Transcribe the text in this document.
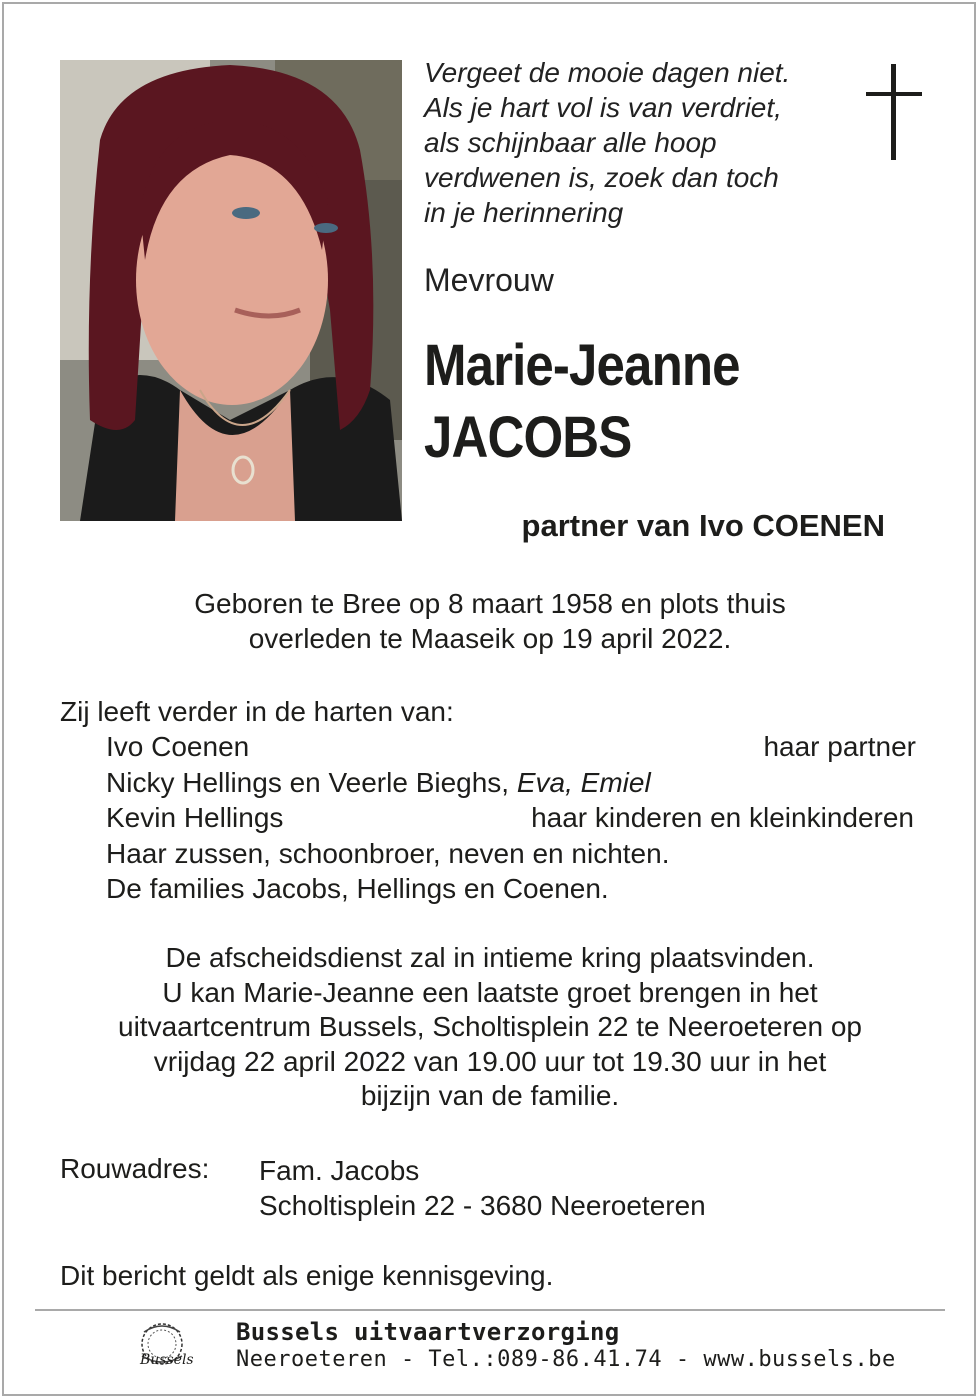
Vergeet de mooie dagen niet.
Als je hart vol is van verdriet,
als schijnbaar alle hoop
verdwenen is, zoek dan toch
in je herinnering
Mevrouw
Marie-Jeanne
JACOBS
partner van Ivo COENEN
Geboren te Bree op 8 maart 1958 en plots thuis
overleden te Maaseik op 19 april 2022.
Zij leeft verder in de harten van:
Ivo Coenen	haar partner
Nicky Hellings en Veerle Bieghs, Eva, Emiel
Kevin Hellings	haar kinderen en kleinkinderen
Haar zussen, schoonbroer, neven en nichten.
De families Jacobs, Hellings en Coenen.
De afscheidsdienst zal in intieme kring plaatsvinden.
U kan Marie-Jeanne een laatste groet brengen in het
uitvaartcentrum Bussels, Scholtisplein 22 te Neeroeteren op
vrijdag 22 april 2022 van 19.00 uur tot 19.30 uur in het
bijzijn van de familie.
Rouwadres: Fam. Jacobs
Scholtisplein 22 - 3680 Neeroeteren
Dit bericht geldt als enige kennisgeving.
Bussels
Bussels uitvaartverzorging
Neeroeteren - Tel.:089-86.41.74 - www.bussels.be
